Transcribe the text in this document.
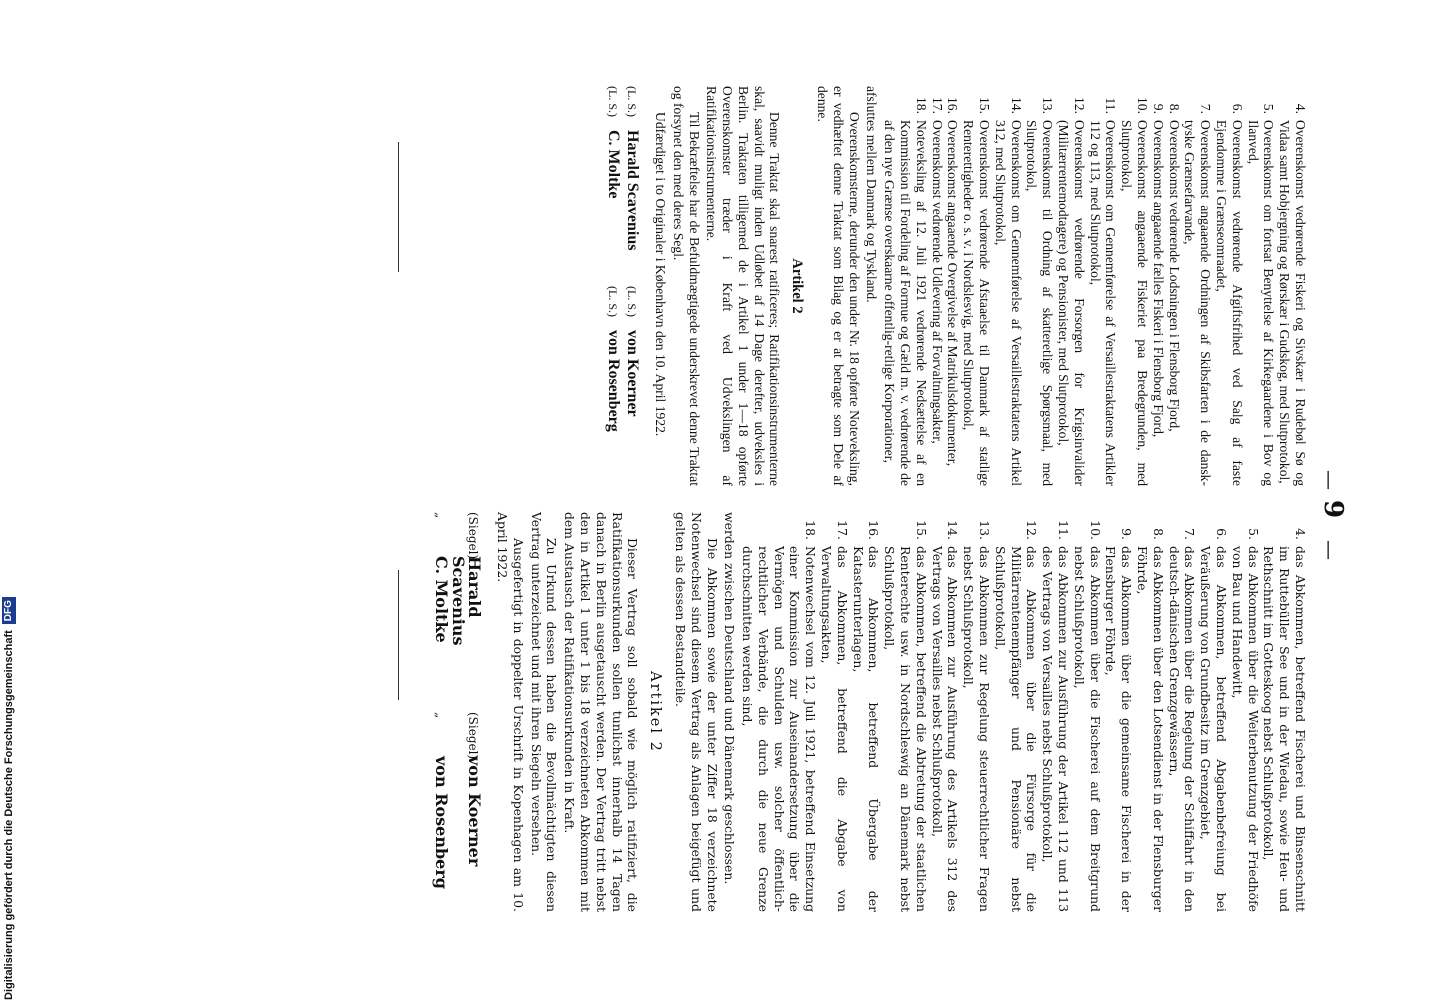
—
9
—
4.
Overenskomst vedrørende Fiskeri og Sivskær i Rudebøl Sø og Vidaa samt Hobjergning og Rørskær i Gudskog, med Slutprotokol,
5.
Overenskomst om fortsat Benyttelse af Kirkegaardene i Bov og Ilanved,
6.
Overenskomst vedrørende Afgiftsfrihed ved Salg af faste Ejendomme i Grænseomraadet,
7.
Overenskomst angaaende Ordningen af Skibsfarten i de dansk-tyske Grænsefarvande,
8.
Overenskomst vedrørende Lodsningen i Flensborg Fjord,
9.
Overenskomst angaaende fælles Fiskeri i Flensborg Fjord,
10.
Overenskomst angaaende Fiskeriet paa Bredegrunden, med Slutprotokol,
11.
Overenskomst om Gennemførelse af Versaillestraktatens Artikler 112 og 113, med Slutprotokol,
12.
Overenskomst vedrørende Forsorgen for Krigsinvalider (Militærrentemodtagere) og Pensionister, med Slutprotokol,
13.
Overenskomst til Ordning af skatteretlige Spørgsmaal, med Slutprotokol,
14.
Overenskomst om Gennemførelse af Versaillestraktatens Artikel 312, med Slutprotokol,
15.
Overenskomst vedrørende Afstaaelse til Danmark af statlige Renterettigheder o. s. v. i Nordslesvig, med Slutprotokol,
16.
Overenskomst angaaende Overgivelse af Matrikulsdokumenter,
17.
Overenskomst vedrørende Udlevering af Forvaltningsakter,
18.
Noteveksling af 12. Juli 1921 vedrørende Nedsættelse af en Kommission til Fordeling af Formue og Gæld m. v. vedrørende de af den nye Grænse overskaarne offentlig-retlige Korporationer,

afsluttes mellem Danmark og Tyskland.

Overenskomsterne, derunder den under Nr. 18 opførte Noteveksling, er vedhæftet denne Traktat som Bilag og er at betragte som Dele af denne.

Artikel 2

Denne Traktat skal snarest ratificeres; Ratifikationsinstrumenterne skal, saavidt muligt inden Udløbet af 14 Dage derefter, udveksles i Berlin. Traktaten tilligemed de i Artikel 1 under 1—18 opførte Overenskomster træder i Kraft ved Udvekslingen af Ratifikationsinstrumenterne.

Til Bekræftelse har de Befuldmægtigede underskrevet denne Traktat og forsynet den med deres Segl.

Udfærdiget i to Originaler i København den 10. April 1922.

(L. S.)
Harald Scavenius
(L. S.)
von Koerner
(L. S.)
C. Moltke
(L. S.)
von Rosenberg
4.
das Abkommen, betreffend Fischerei und Binsenschnitt im Ruttebüller See und in der Wiedau, sowie Heu- und Rethschnitt im Gotteskoog nebst Schlußprotokoll,
5.
das Abkommen über die Weiterbenutzung der Friedhöfe von Bau und Handewitt,
6.
das Abkommen, betreffend Abgabenbefreiung bei Veräußerung von Grundbesitz im Grenzgebiet,
7.
das Abkommen über die Regelung der Schiffahrt in den deutsch-dänischen Grenzgewässern,
8.
das Abkommen über den Lotsendienst in der Flensburger Föhrde,
9.
das Abkommen über die gemeinsame Fischerei in der Flensburger Föhrde,
10.
das Abkommen über die Fischerei auf dem Breitgrund nebst Schlußprotokoll,
11.
das Abkommen zur Ausführung der Artikel 112 und 113 des Vertrags von Versailles nebst Schlußprotokoll,
12.
das Abkommen über die Fürsorge für die Militärrentenempfänger und Pensionäre nebst Schlußprotokoll,
13.
das Abkommen zur Regelung steuerrechtlicher Fragen nebst Schlußprotokoll,
14.
das Abkommen zur Ausführung des Artikels 312 des Vertrags von Versailles nebst Schlußprotokoll,
15.
das Abkommen, betreffend die Abtretung der staatlichen Renterechte usw. in Nordschleswig an Dänemark nebst Schlußprotokoll,
16.
das Abkommen, betreffend Übergabe der Katasterunterlagen,
17.
das Abkommen, betreffend die Abgabe von Verwaltungsakten,
18.
Notenwechsel vom 12. Juli 1921, betreffend Einsetzung einer Kommission zur Auseinandersetzung über die Vermögen und Schulden usw. solcher öffentlich-rechtlicher Verbände, die durch die neue Grenze durchschnitten werden sind,

werden zwischen Deutschland und Dänemark geschlossen.

Die Abkommen sowie der unter Ziffer 18 verzeichnete Notenwechsel sind diesem Vertrag als Anlagen beigefügt und gelten als dessen Bestandteile.

Artikel 2

Dieser Vertrag soll sobald wie möglich ratifiziert, die Ratifikationsurkunden sollen tunlichst innerhalb 14 Tagen danach in Berlin ausgetauscht werden. Der Vertrag tritt nebst den in Artikel 1 unter 1 bis 18 verzeichneten Abkommen mit dem Austausch der Ratifikationsurkunden in Kraft.

Zu Urkund dessen haben die Bevollmächtigten diesen Vertrag unterzeichnet und mit ihren Siegeln versehen.

Ausgefertigt in doppelter Urschrift in Kopenhagen am 10. April 1922.

(Siegel)
Harald Scavenius
(Siegel)
von Koerner
„
C. Moltke
„
von Rosenberg
Digitalisierung gefördert durch die Deutsche Forschungsgemeinschaft
DFG
